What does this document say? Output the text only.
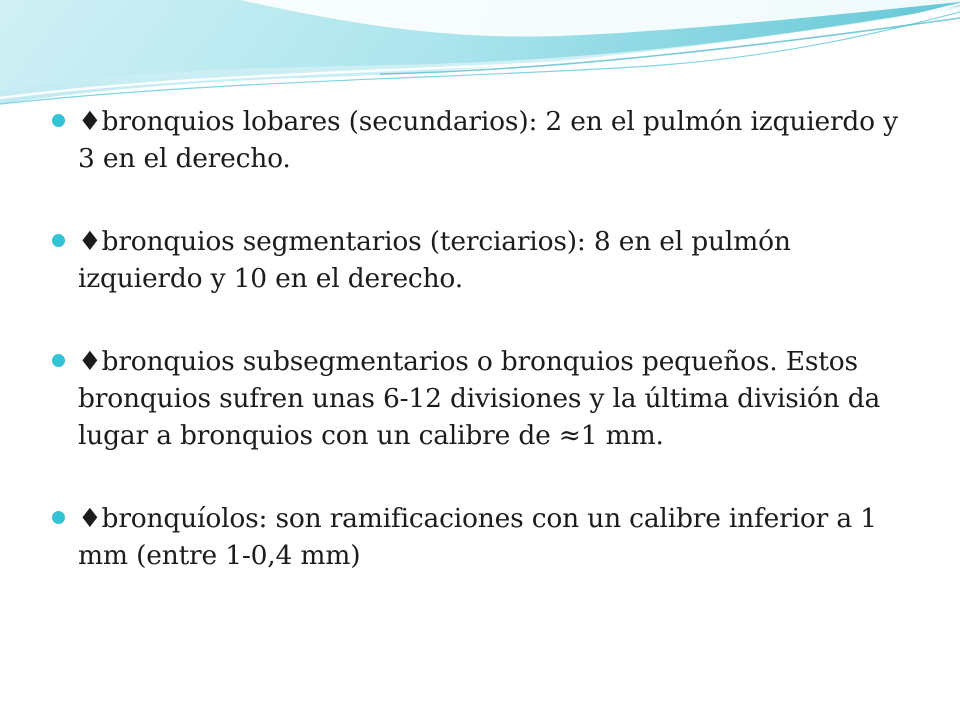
♦bronquios lobares (secundarios): 2 en el pulmón izquierdo y 3 en el derecho.
♦bronquios segmentarios (terciarios): 8 en el pulmón izquierdo y 10 en el derecho.
♦bronquios subsegmentarios o bronquios pequeños. Estos bronquios sufren unas 6-12 divisiones y la última división da lugar a bronquios con un calibre de ≈1 mm.
♦bronquíolos: son ramificaciones con un calibre inferior a 1 mm (entre 1-0,4 mm)
